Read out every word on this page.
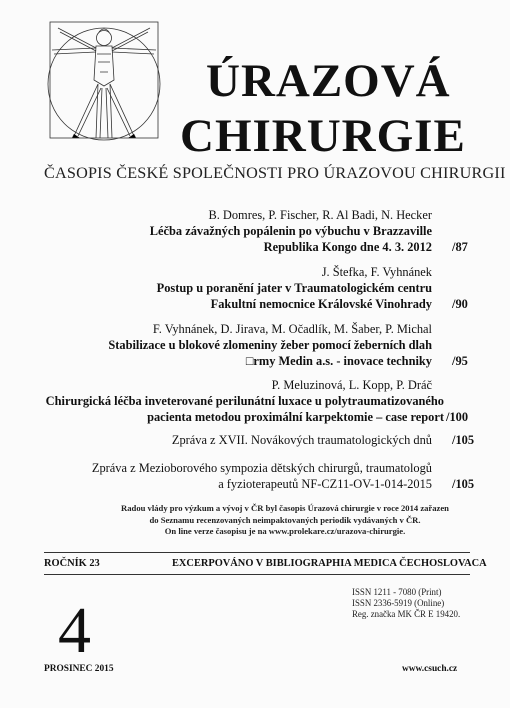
ÚRAZOVÁ
CHIRURGIE
ČASOPIS ČESKÉ SPOLEČNOSTI PRO ÚRAZOVOU CHIRURGII
B. Domres, P. Fischer, R. Al Badi, N. Hecker
Léčba závažných popálenin po výbuchu v Brazzaville
Republika Kongo dne 4. 3. 2012 /87
J. Štefka, F. Vyhnánek
Postup u poranění jater v Traumatologickém centru
Fakultní nemocnice Královské Vinohrady /90
F. Vyhnánek, D. Jirava, M. Očadlík, M. Šaber, P. Michal
Stabilizace u blokové zlomeniny žeber pomocí žeberních dlah
□rmy Medin a.s. - inovace techniky /95
P. Meluzinová, L. Kopp, P. Dráč
Chirurgická léčba inveterované perilunátní luxace u polytraumatizovaného
pacienta metodou proximální karpektomie – case report /100
Zpráva z XVII. Novákových traumatologických dnů /105
Zpráva z Mezioborového sympozia dětských chirurgů, traumatologů
a fyzioterapeutů NF-CZ11-OV-1-014-2015 /105
Radou vlády pro výzkum a vývoj v ČR byl časopis Úrazová chirurgie v roce 2014 zařazen
do Seznamu recenzovaných neimpaktovaných periodik vydávaných v ČR.
On line verze časopisu je na www.prolekare.cz/urazova-chirurgie.
ROČNÍK 23	EXCERPOVÁNO V BIBLIOGRAPHIA MEDICA ČECHOSLOVACA
4
ISSN 1211 - 7080 (Print)
ISSN 2336-5919 (Online)
Reg. značka MK ČR E 19420.
PROSINEC 2015	www.csuch.cz
